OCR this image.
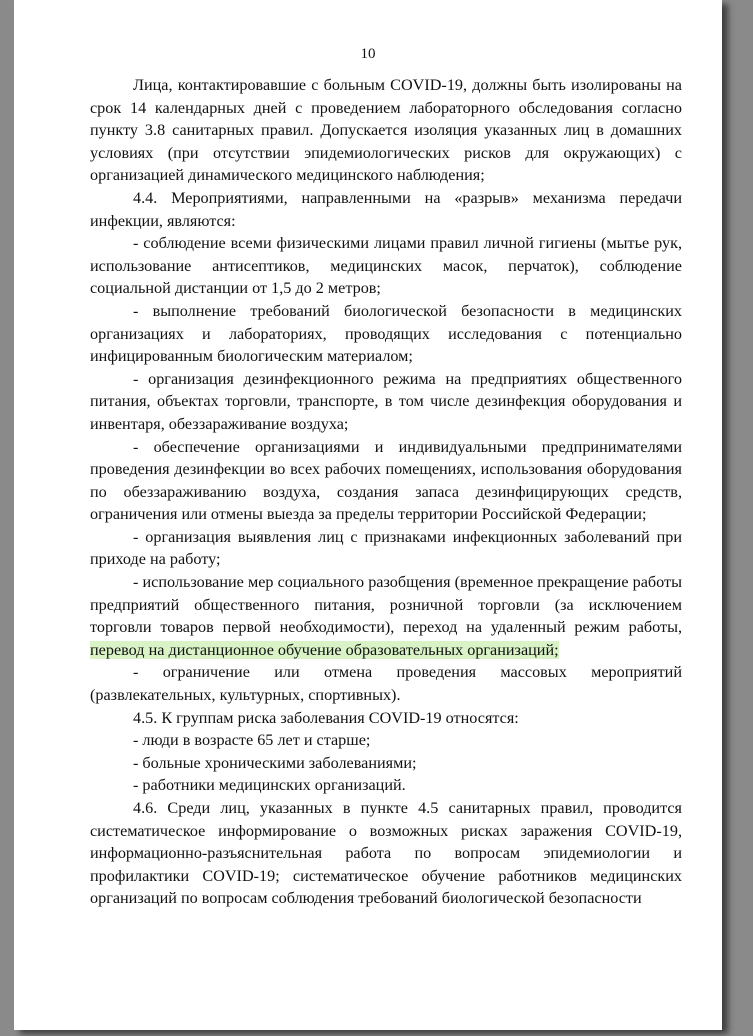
10

Лица, контактировавшие с больным COVID-19, должны быть изолированы на срок 14 календарных дней с проведением лабораторного обследования согласно пункту 3.8 санитарных правил. Допускается изоляция указанных лиц в домашних условиях (при отсутствии эпидемиологических рисков для окружающих) с организацией динамического медицинского наблюдения;

4.4. Мероприятиями, направленными на «разрыв» механизма передачи инфекции, являются:

- соблюдение всеми физическими лицами правил личной гигиены (мытье рук, использование антисептиков, медицинских масок, перчаток), соблюдение социальной дистанции от 1,5 до 2 метров;

- выполнение требований биологической безопасности в медицинских организациях и лабораториях, проводящих исследования с потенциально инфицированным биологическим материалом;

- организация дезинфекционного режима на предприятиях общественного питания, объектах торговли, транспорте, в том числе дезинфекция оборудования и инвентаря, обеззараживание воздуха;

- обеспечение организациями и индивидуальными предпринимателями проведения дезинфекции во всех рабочих помещениях, использования оборудования по обеззараживанию воздуха, создания запаса дезинфицирующих средств, ограничения или отмены выезда за пределы территории Российской Федерации;

- организация выявления лиц с признаками инфекционных заболеваний при приходе на работу;

- использование мер социального разобщения (временное прекращение работы предприятий общественного питания, розничной торговли (за исключением торговли товаров первой необходимости), переход на удаленный режим работы, перевод на дистанционное обучение образовательных организаций;

- ограничение или отмена проведения массовых мероприятий (развлекательных, культурных, спортивных).

4.5. К группам риска заболевания COVID-19 относятся:

- люди в возрасте 65 лет и старше;

- больные хроническими заболеваниями;

- работники медицинских организаций.

4.6. Среди лиц, указанных в пункте 4.5 санитарных правил, проводится систематическое информирование о возможных рисках заражения COVID-19, информационно-разъяснительная работа по вопросам эпидемиологии и профилактики COVID-19; систематическое обучение работников медицинских организаций по вопросам соблюдения требований биологической безопасности
